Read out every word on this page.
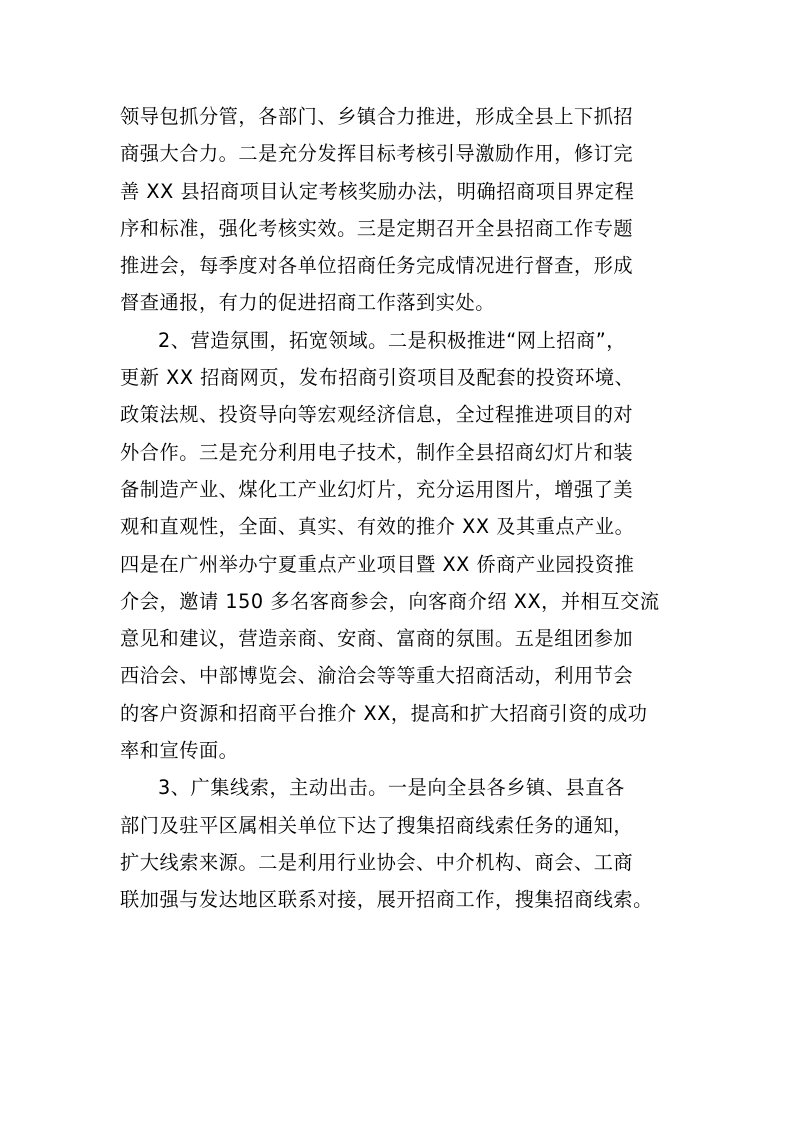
领导包抓分管，各部门、乡镇合力推进，形成全县上下抓招
商强大合力。二是充分发挥目标考核引导激励作用，修订完
善 XX 县招商项目认定考核奖励办法，明确招商项目界定程
序和标准，强化考核实效。三是定期召开全县招商工作专题
推进会，每季度对各单位招商任务完成情况进行督查，形成
督查通报，有力的促进招商工作落到实处。
2、营造氛围，拓宽领域。二是积极推进“网上招商”，
更新 XX 招商网页，发布招商引资项目及配套的投资环境、
政策法规、投资导向等宏观经济信息，全过程推进项目的对
外合作。三是充分利用电子技术，制作全县招商幻灯片和装
备制造产业、煤化工产业幻灯片，充分运用图片，增强了美
观和直观性，全面、真实、有效的推介 XX 及其重点产业。
四是在广州举办宁夏重点产业项目暨 XX 侨商产业园投资推
介会，邀请 150 多名客商参会，向客商介绍 XX，并相互交流
意见和建议，营造亲商、安商、富商的氛围。五是组团参加
西洽会、中部博览会、渝洽会等等重大招商活动，利用节会
的客户资源和招商平台推介 XX，提高和扩大招商引资的成功
率和宣传面。
3、广集线索，主动出击。一是向全县各乡镇、县直各
部门及驻平区属相关单位下达了搜集招商线索任务的通知，
扩大线索来源。二是利用行业协会、中介机构、商会、工商
联加强与发达地区联系对接，展开招商工作，搜集招商线索。
